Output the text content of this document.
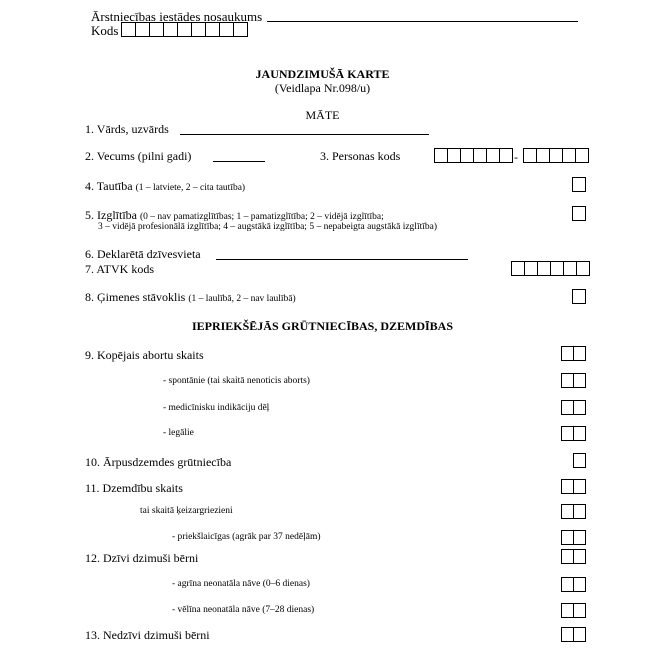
Ārstniecības iestādes nosaukums
Kods
JAUNDZIMUŠĀ KARTE
(Veidlapa Nr.098/u)
MĀTE
1. Vārds, uzvārds
2. Vecums (pilni gadi)	3. Personas kods	-
4. Tautība (1 – latviete, 2 – cita tautība)
5. Izglītība (0 – nav pamatizglītības; 1 – pamatizglītība; 2 – vidējā izglītība;
3 – vidējā profesionālā izglītība; 4 – augstākā izglītība; 5 – nepabeigta augstākā izglītība)
6. Deklarētā dzīvesvieta
7. ATVK kods
8. Ģimenes stāvoklis (1 – laulībā, 2 – nav laulībā)
IEPRIEKŠĒJĀS GRŪTNIECĪBAS, DZEMDĪBAS
9. Kopējais abortu skaits
- spontānie (tai skaitā nenoticis aborts)
- medicīnisku indikāciju dēļ
- legālie
10. Ārpusdzemdes grūtniecība
11. Dzemdību skaits
tai skaitā ķeizargriezieni
- priekšlaicīgas (agrāk par 37 nedēļām)
12. Dzīvi dzimuši bērni
- agrīna neonatāla nāve (0–6 dienas)
- vēlīna neonatāla nāve (7–28 dienas)
13. Nedzīvi dzimuši bērni
